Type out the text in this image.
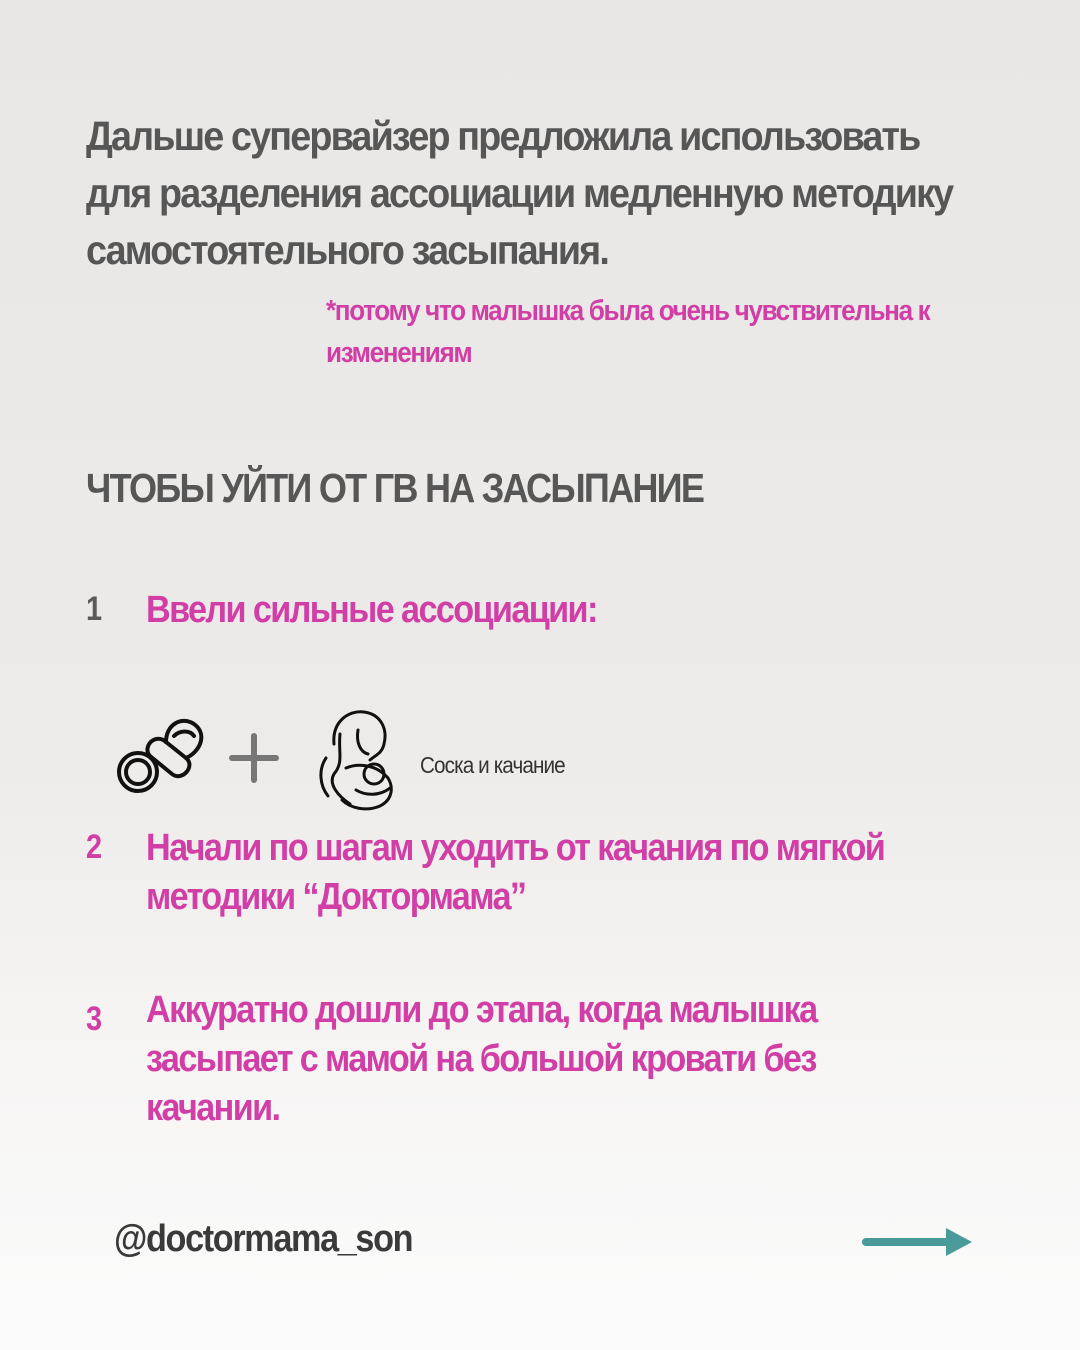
Дальше супервайзер предложила использовать для разделения ассоциации медленную методику самостоятельного засыпания.

*потому что малышка была очень чувствительна к изменениям

ЧТОБЫ УЙТИ ОТ ГВ НА ЗАСЫПАНИЕ
1 Ввели сильные ассоциации:
Соска и качание
2 Начали по шагам уходить от качания по мягкой методики “Доктормама”
3 Аккуратно дошли до этапа, когда малышка засыпает с мамой на большой кровати без качании.
@doctormama_son
